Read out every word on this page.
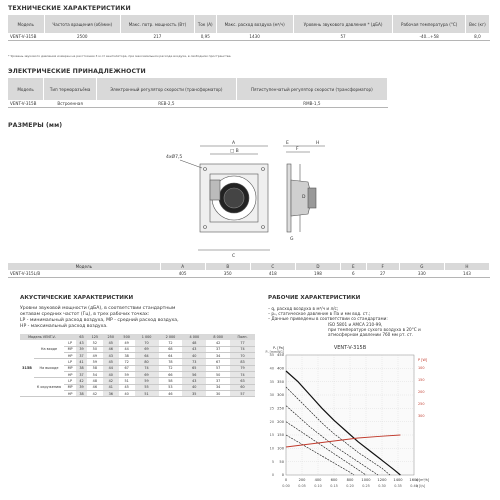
ТЕХНИЧЕСКИЕ ХАРАКТЕРИСТИКИ
Модель	Частота вращения (об/мин)	Макс. потр. мощность (Вт)	Ток (А)	Макс. расход воздуха (м³/ч)	Уровень звукового давления * (дБА)	Рабочая температура (°С)	Вес (кг)
VENT-V-315B	2500	217	0,95	1430	57	-40...+58	8,0
* Уровень звукового давления измерен на расстоянии 3 м от вентилятора, при максимальном расходе воздуха, в свободном пространстве.
ЭЛЕКТРИЧЕСКИЕ ПРИНАДЛЕЖНОСТИ
Модель	Тип терморазъёма	Электронный регулятор скорости (трансформатор)	Пятиступенчатый регулятор скорости (трансформатор)
VENT-V-315B	Встроенная	REB-2,5	RMB-1,5
РАЗМЕРЫ (мм)
A
□ B
C
D
E
F
G
H
4xØ7,5
Модель	A	B	C	D	E	F	G	H
VENT-V-315L/B	405	350	418	198	6	27	330	143
АКУСТИЧЕСКИЕ ХАРАКТЕРИСТИКИ
Уровни звуковой мощности (дБА), в соответствии стандартным
октавам средних частот (Гц), в трех рабочих точках:
LP - минимальный расход воздуха, MP - средний расход воздуха,
HP - максимальный расход воздуха.
Модель VENT-V-			63	125	250	500	1 000	2 000	4 000	8 000	Полн.
315B	На входе	LP	43	52	45	49	70	72	48	42	77
		MP	39	50	46	44	69	68	43	37	74
		HP	37	49	43	38	64	64	40	34	70
	На выходе	LP	41	59	45	72	80	78	73	67	83
		MP	38	58	44	67	74	72	65	57	79
		HP	37	54	40	59	69	66	56	50	74
	К окружению	LP	42	48	42	51	59	58	43	37	63
		MP	39	46	41	45	55	53	40	34	60
		HP	38	42	36	40	51	46	35	30	57
РАБОЧИЕ ХАРАКТЕРИСТИКИ
– q, расход воздуха в м³/ч и л/с;
– pₛ, статическое давление в Па и мм вод. ст.;
– Данные приведены в соответствии со стандартами:
ISO 5801 и AMCA 210-99,
при температуре сухого воздуха в 20°С и
атмосферном давлении 760 мм рт. ст.
0
0.00
200
0.05
400
0.10
600
0.15
800
0.20
1000
0.25
1200
0.30
1400
0.35
1600
0.40
0
0
50
5
100
10
150
15
200
20
250
25
300
30
350
35
400
40
450
45
VENT-V-315B
Pₛ [Pa]
Pₛ [mmWG]
q [m³/h]
q [l/s]
P [W]
100
150
200
250
300
